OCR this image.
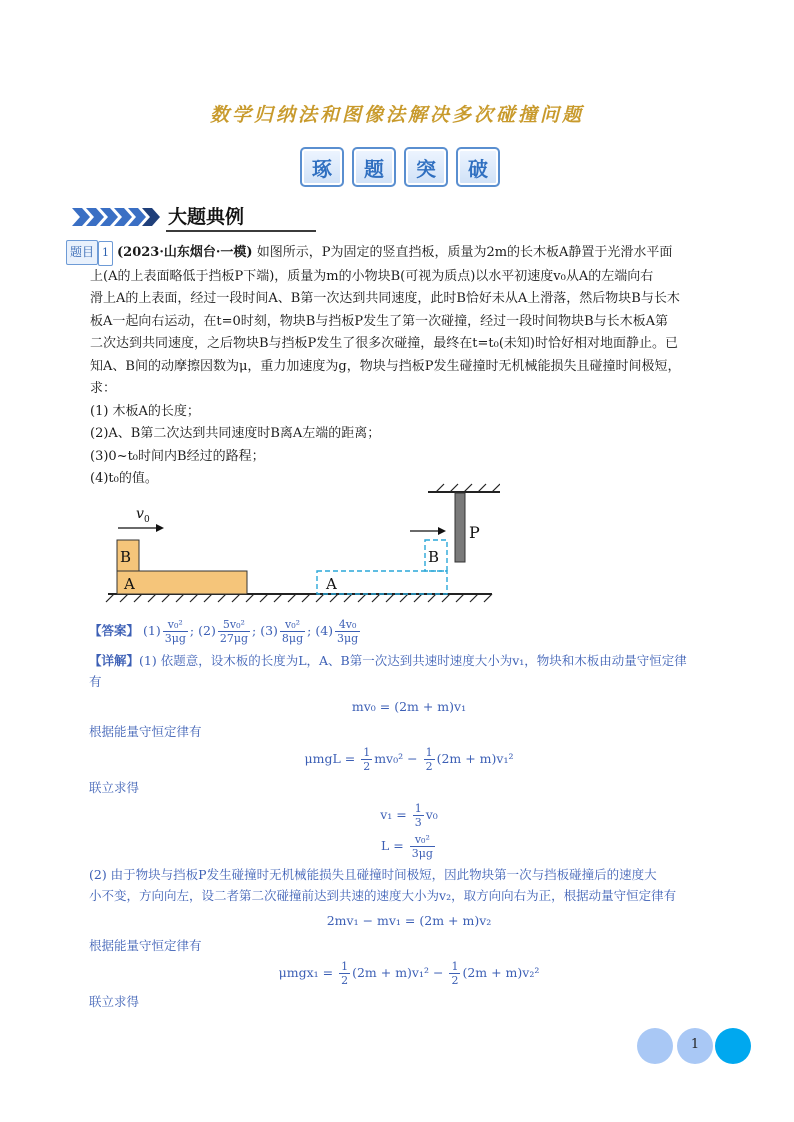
数学归纳法和图像法解决多次碰撞问题
琢	题	突	破
大题典例

题目 1 (2023·山东烟台·一模) 如图所示，P为固定的竖直挡板，质量为2m的长木板A静置于光滑水平面

上(A的上表面略低于挡板P下端)，质量为m的小物块B(可视为质点)以水平初速度v₀从A的左端向右

滑上A的上表面，经过一段时间A、B第一次达到共同速度，此时B恰好未从A上滑落，然后物块B与长木

板A一起向右运动，在t=0时刻，物块B与挡板P发生了第一次碰撞，经过一段时间物块B与长木板A第

二次达到共同速度，之后物块B与挡板P发生了很多次碰撞，最终在t=t₀(未知)时恰好相对地面静止。已

知A、B间的动摩擦因数为μ，重力加速度为g，物块与挡板P发生碰撞时无机械能损失且碰撞时间极短，

求：

(1) 木板A的长度；

(2)A、B第二次达到共同速度时B离A左端的距离；

(3)0~t₀时间内B经过的路程；

(4)t₀的值。

A
B
v 0
A
B
P
【答案】 $(1) \frac{\text{v₀²}}{3\mu g}$ ; $(2) \frac{\text{5v₀²}}{27\mu g}$ ; $(3) \frac{\text{v₀²}}{8\mu g}$ ; $(4) \frac{\text{4v₀}}{3\mu g}$

【详解】(1) 依题意，设木板的长度为L，A、B第一次达到共速时速度大小为v₁，物块和木板由动量守恒定律

有

mv₀ = (2m + m)v₁

根据能量守恒定律有

$\mu mgL = \frac{1}{2} mv_0^2 - \frac{1}{2} (2m + m)v_1^2$

联立求得

$v_1 = \frac{1}{3} v_0$
$L = \frac{\text{v₀²}}{3\mu g}$

(2) 由于物块与挡板P发生碰撞时无机械能损失且碰撞时间极短，因此物块第一次与挡板碰撞后的速度大

小不变，方向向左，设二者第二次碰撞前达到共速的速度大小为v₂，取方向向右为正，根据动量守恒定律有

2mv₁ − mv₁ = (2m + m)v₂

根据能量守恒定律有

$\mu mgx_1 = \frac{1}{2} (2m + m)v_1^2 - \frac{1}{2} (2m + m)v_2^2$

联立求得

1
